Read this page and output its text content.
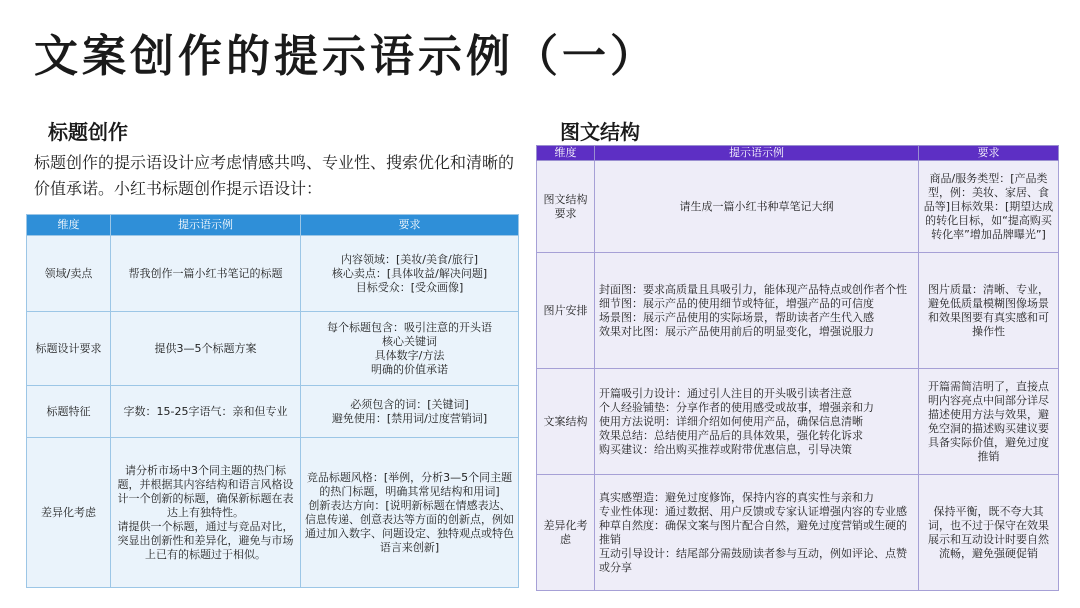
文案创作的提示语示例（一）
标题创作
标题创作的提示语设计应考虑情感共鸣、专业性、搜索优化和清晰的价值承诺。小红书标题创作提示语设计：
维度	提示语示例	要求

领域/卖点	帮我创作一篇小红书笔记的标题	内容领域：[美妆/美食/旅行]
核心卖点：[具体收益/解决问题]
目标受众：[受众画像]

标题设计要求	提供3—5个标题方案	每个标题包含：吸引注意的开头语
核心关键词
具体数字/方法
明确的价值承诺

标题特征	字数：15-25字语气：亲和但专业	必须包含的词：[关键词]
避免使用：[禁用词/过度营销词]

差异化考虑	请分析市场中3个同主题的热门标题，并根据其内容结构和语言风格设计一个创新的标题，确保新标题在表达上有独特性。
请提供一个标题，通过与竞品对比，突显出创新性和差异化，避免与市场上已有的标题过于相似。	竞品标题风格：[举例，分析3—5个同主题的热门标题，明确其常见结构和用词]
创新表达方向：[说明新标题在情感表达、信息传递、创意表达等方面的创新点，例如通过加入数字、问题设定、独特观点或特色语言来创新]
图文结构
维度	提示语示例	要求

图文结构要求	请生成一篇小红书种草笔记大纲	商品/服务类型：[产品类型，例：美妆、家居、食品等]目标效果：[期望达成的转化目标，如“提高购买转化率”增加品牌曝光”]

图片安排	封面图：要求高质量且具吸引力，能体现产品特点或创作者个性
细节图：展示产品的使用细节或特征，增强产品的可信度
场景图：展示产品使用的实际场景，帮助读者产生代入感
效果对比图：展示产品使用前后的明显变化，增强说服力	图片质量：清晰、专业，避免低质量模糊图像场景和效果图要有真实感和可操作性

文案结构	开篇吸引力设计：通过引人注目的开头吸引读者注意
个人经验铺垫：分享作者的使用感受或故事，增强亲和力
使用方法说明：详细介绍如何使用产品，确保信息清晰
效果总结：总结使用产品后的具体效果，强化转化诉求
购买建议：给出购买推荐或附带优惠信息，引导决策	开篇需简洁明了，直接点明内容亮点中间部分详尽描述使用方法与效果，避免空洞的描述购买建议要具备实际价值，避免过度推销

差异化考虑	真实感塑造：避免过度修饰，保持内容的真实性与亲和力
专业性体现：通过数据、用户反馈或专家认证增强内容的专业感
种草自然度：确保文案与图片配合自然，避免过度营销或生硬的推销
互动引导设计：结尾部分需鼓励读者参与互动，例如评论、点赞或分享	保持平衡，既不夸大其词，也不过于保守在效果展示和互动设计时要自然流畅，避免强硬促销
